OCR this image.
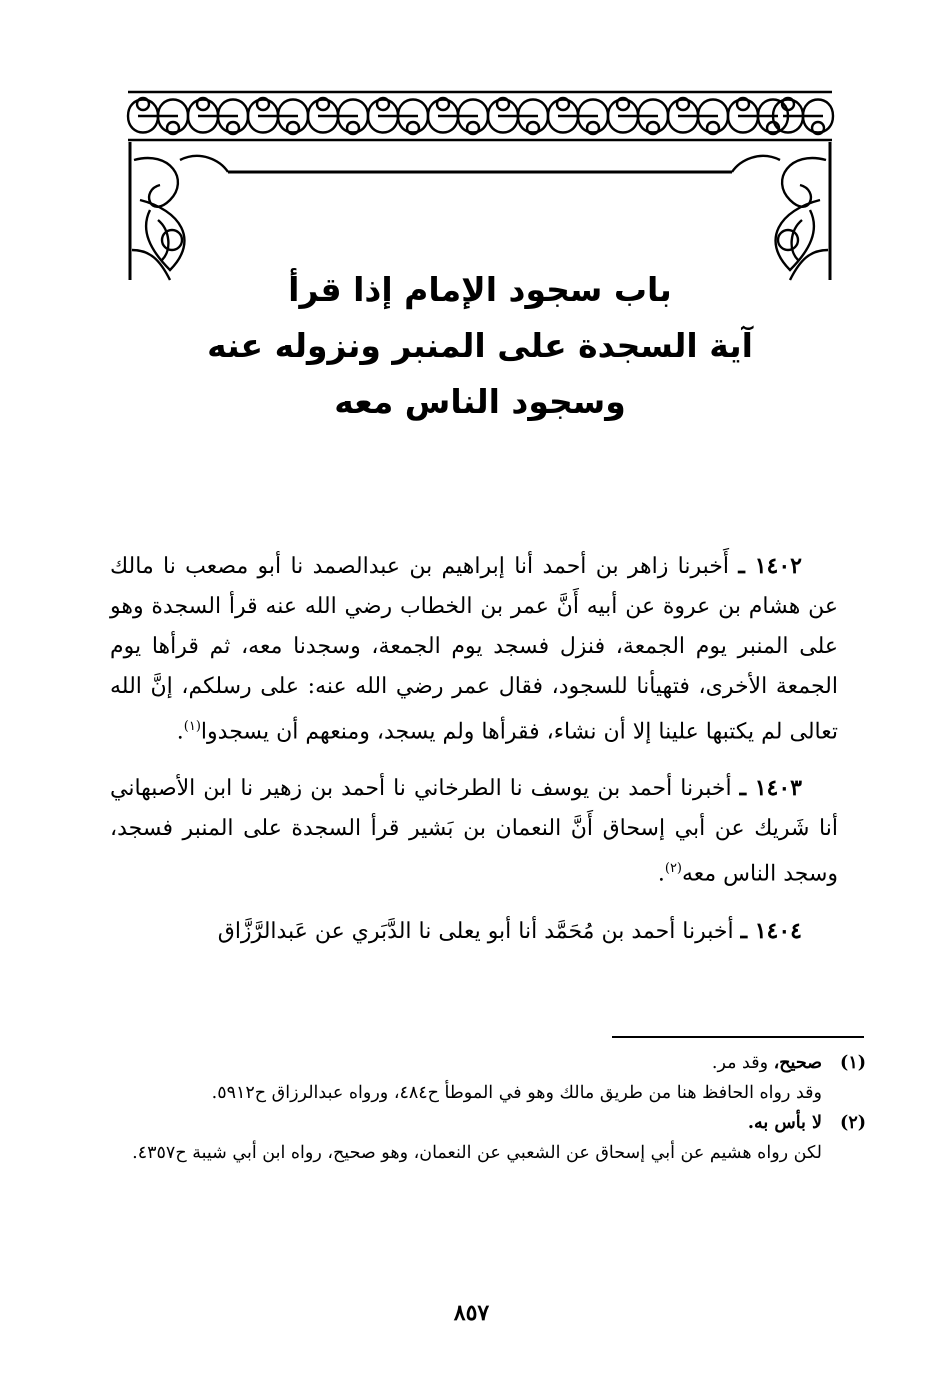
باب سجود الإمام إذا قرأ
آية السجدة على المنبر ونزوله عنه
وسجود الناس معه

١٤٠٢ ـ أَخبرنا زاهر بن أحمد أنا إبراهيم بن عبدالصمد نا أبو مصعب نا مالك عن هشام بن عروة عن أبيه أَنَّ عمر بن الخطاب رضي الله عنه قرأ السجدة وهو على المنبر يوم الجمعة، فنزل فسجد يوم الجمعة، وسجدنا معه، ثم قرأها يوم الجمعة الأخرى، فتهيأنا للسجود، فقال عمر رضي الله عنه: على رسلكم، إنَّ الله تعالى لم يكتبها علينا إلا أن نشاء، فقرأها ولم يسجد، ومنعهم أن يسجدوا$^{(١)}$.

١٤٠٣ ـ أخبرنا أحمد بن يوسف نا الطرخاني نا أحمد بن زهير نا ابن الأصبهاني أنا شَريك عن أبي إسحاق أَنَّ النعمان بن بَشير قرأ السجدة على المنبر فسجد، وسجد الناس معه$^{(٢)}$.

١٤٠٤ ـ أخبرنا أحمد بن مُحَمَّد أنا أبو يعلى نا الدَّبَري عن عَبدالرَّزَّاق

(١)
صحيح، وقد مر.
وقد رواه الحافظ هنا من طريق مالك وهو في الموطأ ح٤٨٤، ورواه عبدالرزاق ح٥٩١٢.
(٢)
لا بأس به.
لكن رواه هشيم عن أبي إسحاق عن الشعبي عن النعمان، وهو صحيح، رواه ابن أبي شيبة ح٤٣٥٧.
٨٥٧
